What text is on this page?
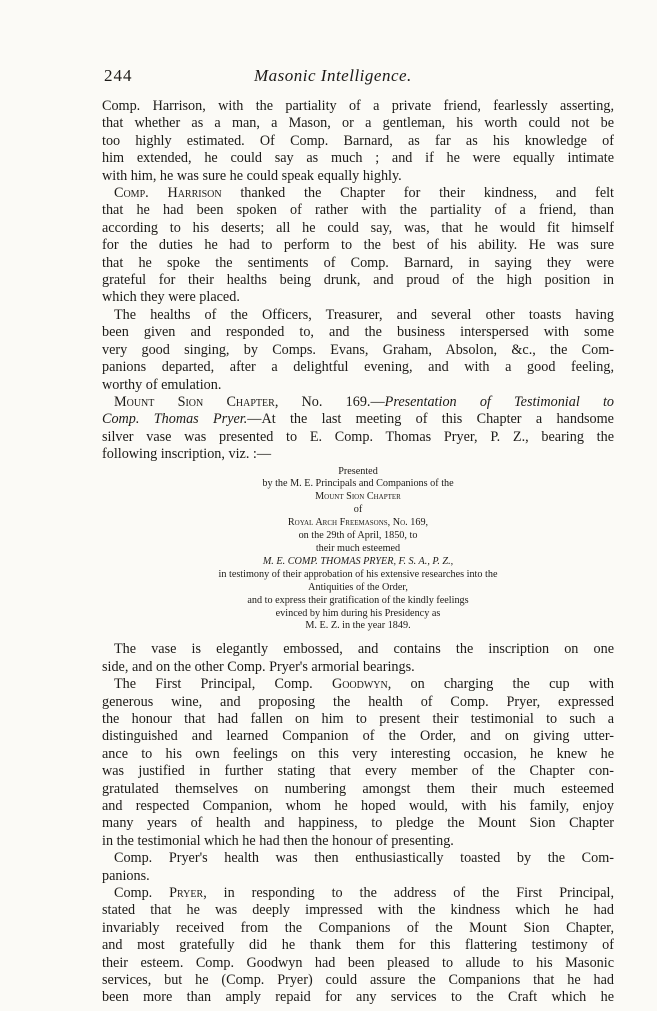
244	Masonic Intelligence.

Comp. Harrison, with the partiality of a private friend, fearlessly asserting,
that whether as a man, a Mason, or a gentleman, his worth could not be
too highly estimated. Of Comp. Barnard, as far as his knowledge of
him extended, he could say as much ; and if he were equally intimate
with him, he was sure he could speak equally highly.

Comp. Harrison thanked the Chapter for their kindness, and felt
that he had been spoken of rather with the partiality of a friend, than
according to his deserts; all he could say, was, that he would fit himself
for the duties he had to perform to the best of his ability. He was sure
that he spoke the sentiments of Comp. Barnard, in saying they were
grateful for their healths being drunk, and proud of the high position in
which they were placed.

The healths of the Officers, Treasurer, and several other toasts having
been given and responded to, and the business interspersed with some
very good singing, by Comps. Evans, Graham, Absolon, &c., the Com-
panions departed, after a delightful evening, and with a good feeling,
worthy of emulation.

Mount Sion Chapter, No. 169.—Presentation of Testimonial to
Comp. Thomas Pryer.—At the last meeting of this Chapter a handsome
silver vase was presented to E. Comp. Thomas Pryer, P. Z., bearing the
following inscription, viz. :—

Presented
by the M. E. Principals and Companions of the
Mount Sion Chapter
of
Royal Arch Freemasons, No. 169,
on the 29th of April, 1850, to
their much esteemed
M. E. COMP. THOMAS PRYER, F. S. A., P. Z.,
in testimony of their approbation of his extensive researches into the
Antiquities of the Order,
and to express their gratification of the kindly feelings
evinced by him during his Presidency as
M. E. Z. in the year 1849.

The vase is elegantly embossed, and contains the inscription on one
side, and on the other Comp. Pryer's armorial bearings.

The First Principal, Comp. Goodwyn, on charging the cup with
generous wine, and proposing the health of Comp. Pryer, expressed
the honour that had fallen on him to present their testimonial to such a
distinguished and learned Companion of the Order, and on giving utter-
ance to his own feelings on this very interesting occasion, he knew he
was justified in further stating that every member of the Chapter con-
gratulated themselves on numbering amongst them their much esteemed
and respected Companion, whom he hoped would, with his family, enjoy
many years of health and happiness, to pledge the Mount Sion Chapter
in the testimonial which he had then the honour of presenting.

Comp. Pryer's health was then enthusiastically toasted by the Com-
panions.

Comp. Pryer, in responding to the address of the First Principal,
stated that he was deeply impressed with the kindness which he had
invariably received from the Companions of the Mount Sion Chapter,
and most gratefully did he thank them for this flattering testimony of
their esteem. Comp. Goodwyn had been pleased to allude to his Masonic
services, but he (Comp. Pryer) could assure the Companions that he had
been more than amply repaid for any services to the Craft which he
